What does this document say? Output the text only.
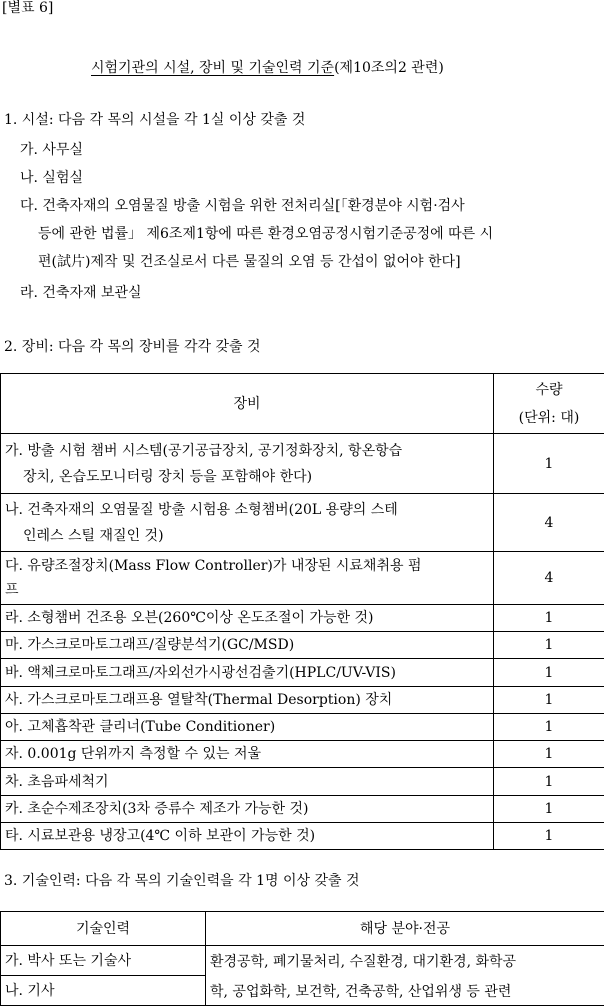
[별표 6]
시험기관의 시설, 장비 및 기술인력 기준(제10조의2 관련)
1. 시설: 다음 각 목의 시설을 각 1실 이상 갖출 것
가. 사무실
나. 실험실
다. 건축자재의 오염물질 방출 시험을 위한 전처리실[「환경분야 시험·검사
등에 관한 법률」 제6조제1항에 따른 환경오염공정시험기준공정에 따른 시
편(試片)제작 및 건조실로서 다른 물질의 오염 등 간섭이 없어야 한다]
라. 건축자재 보관실
2. 장비: 다음 각 목의 장비를 각각 갖출 것
장비	수량
(단위: 대)

가. 방출 시험 챔버 시스템(공기공급장치, 공기정화장치, 항온항습
장치, 온습도모니터링 장치 등을 포함해야 한다)	1

나. 건축자재의 오염물질 방출 시험용 소형챔버(20L 용량의 스테
인레스 스틸 재질인 것)	4

다. 유량조절장치(Mass Flow Controller)가 내장된 시료채취용 펌
프	4
라. 소형챔버 건조용 오븐(260℃이상 온도조절이 가능한 것)	1
마. 가스크로마토그래프/질량분석기(GC/MSD)	1
바. 액체크로마토그래프/자외선가시광선검출기(HPLC/UV-VIS)	1
사. 가스크로마토그래프용 열탈착(Thermal Desorption) 장치	1
아. 고체흡착관 클리너(Tube Conditioner)	1
자. 0.001g 단위까지 측정할 수 있는 저울	1
차. 초음파세척기	1
카. 초순수제조장치(3차 증류수 제조가 가능한 것)	1
타. 시료보관용 냉장고(4℃ 이하 보관이 가능한 것)	1
3. 기술인력: 다음 각 목의 기술인력을 각 1명 이상 갖출 것
기술인력	해당 분야·전공
가. 박사 또는 기술사	환경공학, 폐기물처리, 수질환경, 대기환경, 화학공
학, 공업화학, 보건학, 건축공학, 산업위생 등 관련

나. 기사	
